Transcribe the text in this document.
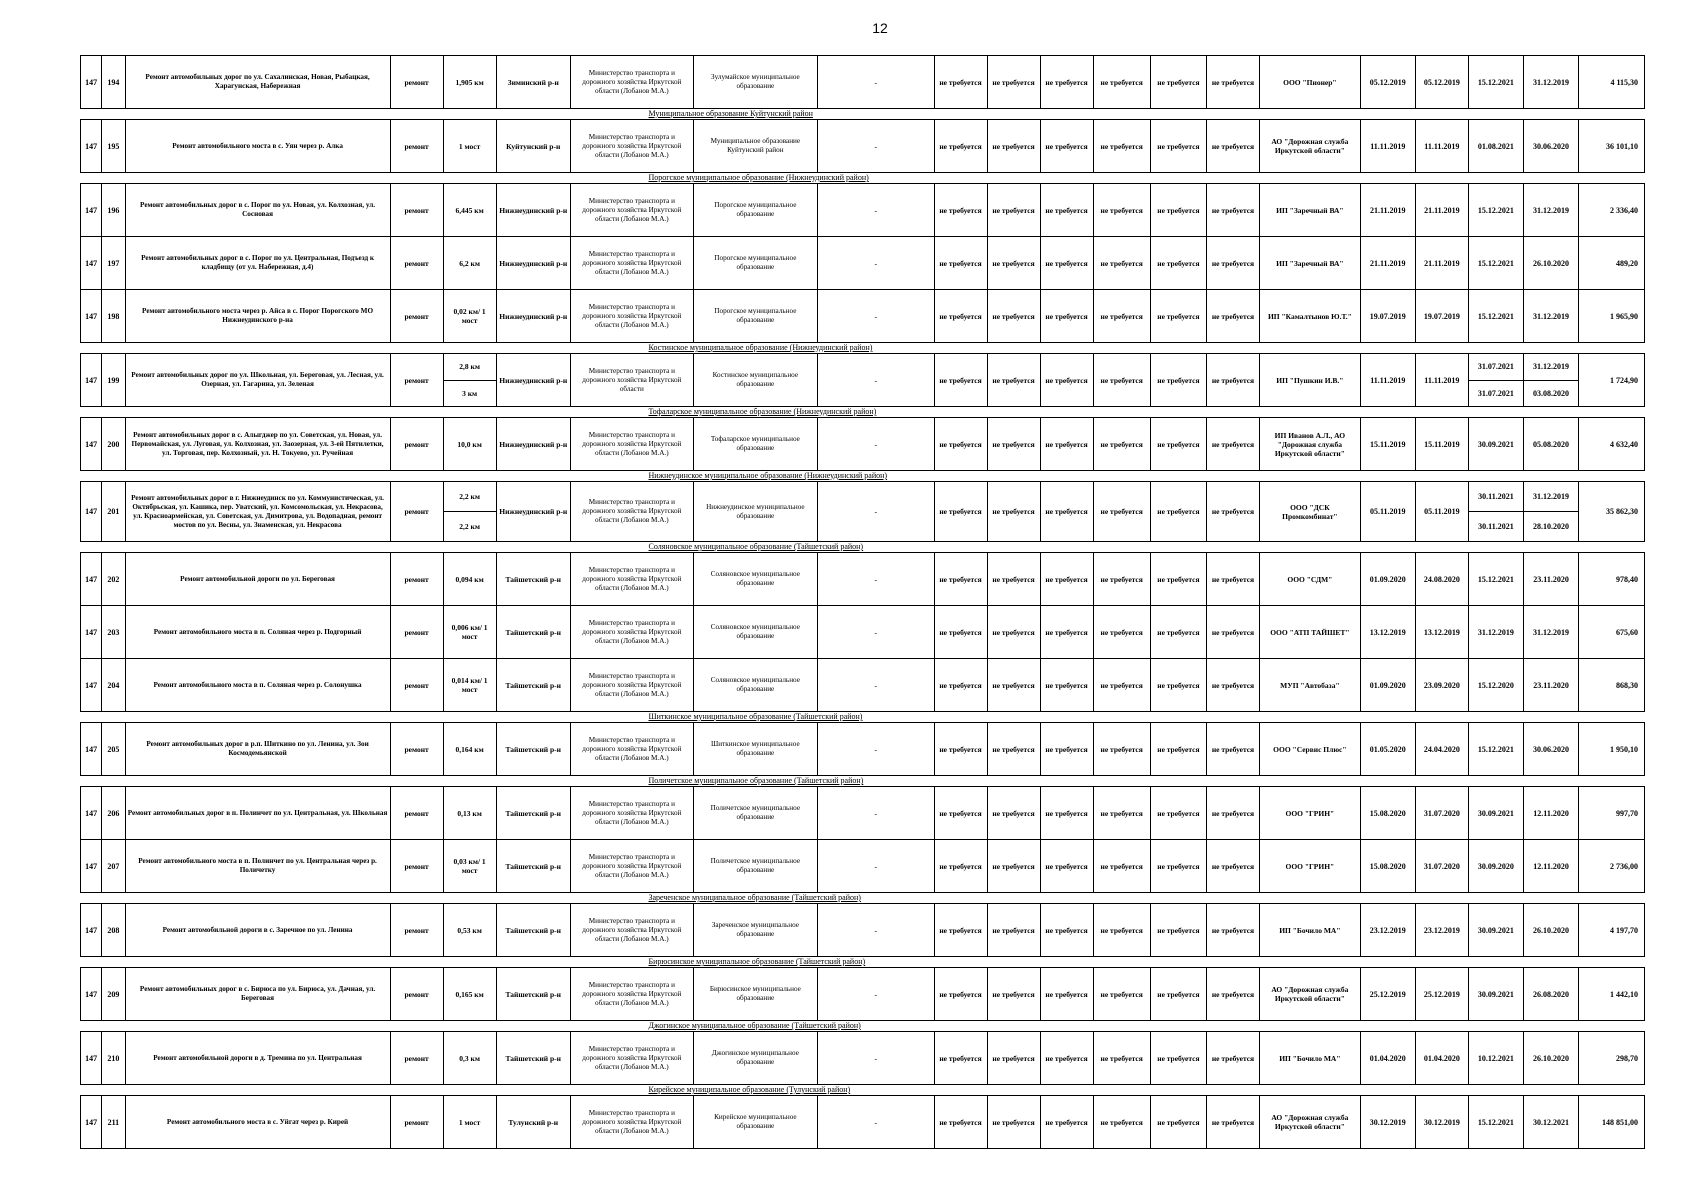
12
147	194	Ремонт автомобильных дорог по ул. Сахалинская, Новая, Рыбацкая, Харагунская, Набережная	ремонт	1,905 км	Зиминский р-н	Министерство транспорта и дорожного хозяйства Иркутской области (Лобанов М.А.)	Зулумайское муниципальное образование	-	не требуется	не требуется	не требуется	не требуется	не требуется	не требуется	ООО "Пионер"	05.12.2019	05.12.2019	15.12.2021	31.12.2019	4 115,30
Муниципальное образование Куйтунский район																				
147	195	Ремонт автомобильного моста в с. Уян через р. Алка	ремонт	1 мост	Куйтунский р-н	Министерство транспорта и дорожного хозяйства Иркутской области (Лобанов М.А.)	Муниципальное образование Куйтунский район	-	не требуется	не требуется	не требуется	не требуется	не требуется	не требуется	АО "Дорожная служба Иркутской области"	11.11.2019	11.11.2019	01.08.2021	30.06.2020	36 101,10
Порогское муниципальное образование (Нижнеудинский район)																				
147	196	Ремонт автомобильных дорог в с. Порог по ул. Новая, ул. Колхозная, ул. Сосновая	ремонт	6,445 км	Нижнеудинский р-н	Министерство транспорта и дорожного хозяйства Иркутской области (Лобанов М.А.)	Порогское муниципальное образование	-	не требуется	не требуется	не требуется	не требуется	не требуется	не требуется	ИП "Заречный ВА"	21.11.2019	21.11.2019	15.12.2021	31.12.2019	2 336,40
147	197	Ремонт автомобильных дорог в с. Порог по ул. Центральная, Подъезд к кладбищу (от ул. Набережная, д.4)	ремонт	6,2 км	Нижнеудинский р-н	Министерство транспорта и дорожного хозяйства Иркутской области (Лобанов М.А.)	Порогское муниципальное образование	-	не требуется	не требуется	не требуется	не требуется	не требуется	не требуется	ИП "Заречный ВА"	21.11.2019	21.11.2019	15.12.2021	26.10.2020	489,20
147	198	Ремонт автомобильного моста через р. Айса в с. Порог Порогского МО Нижнеудинского р-на	ремонт	0,02 км/ 1 мост	Нижнеудинский р-н	Министерство транспорта и дорожного хозяйства Иркутской области (Лобанов М.А.)	Порогское муниципальное образование	-	не требуется	не требуется	не требуется	не требуется	не требуется	не требуется	ИП "Камалтынов Ю.Т."	19.07.2019	19.07.2019	15.12.2021	31.12.2019	1 965,90
Костинское муниципальное образование (Нижнеудинский район)																				
147	199	Ремонт автомобильных дорог по ул. Школьная, ул. Береговая, ул. Лесная, ул. Озерная, ул. Гагарина, ул. Зеленая	ремонт	2,8 км	Нижнеудинский р-н	Министерство транспорта и дорожного хозяйства Иркутской области	Костинское муниципальное образование	-	не требуется	не требуется	не требуется	не требуется	не требуется	не требуется	ИП "Пушкин И.В."	11.11.2019	11.11.2019	31.07.2021	31.12.2019	1 724,90
				3 км														31.07.2021	03.08.2020	
Тофаларское муниципальное образование (Нижнеудинский район)																				
147	200	Ремонт автомобильных дорог в с. Алыгджер по ул. Советская, ул. Новая, ул. Первомайская, ул. Луговая, ул. Колхозная, ул. Заозерная, ул. 3-ей Пятилетки, ул. Торговая, пер. Колхозный, ул. Н. Токуево, ул. Ручейная	ремонт	10,0 км	Нижнеудинский р-н	Министерство транспорта и дорожного хозяйства Иркутской области (Лобанов М.А.)	Тофаларское муниципальное образование	-	не требуется	не требуется	не требуется	не требуется	не требуется	не требуется	ИП Иванов А.Л., АО "Дорожная служба Иркутской области"	15.11.2019	15.11.2019	30.09.2021	05.08.2020	4 632,40
Нижнеудинское муниципальное образование (Нижнеудинский район)																				
147	201	Ремонт автомобильных дорог в г. Нижнеудинск по ул. Коммунистическая, ул. Октябрьская, ул. Кашика, пер. Уватский, ул. Комсомольская, ул. Некрасова, ул. Красноармейская, ул. Советская, ул. Димитрова, ул. Водопадная, ремонт мостов по ул. Весны, ул. Знаменская, ул. Некрасова	ремонт	2,2 км	Нижнеудинский р-н	Министерство транспорта и дорожного хозяйства Иркутской области (Лобанов М.А.)	Нижнеудинское муниципальное образование	-	не требуется	не требуется	не требуется	не требуется	не требуется	не требуется	ООО "ДСК Промкомбинат"	05.11.2019	05.11.2019	30.11.2021	31.12.2019	35 862,30
				2,2 км														30.11.2021	28.10.2020	
Соляновское муниципальное образование (Тайшетский район)																				
147	202	Ремонт автомобильной дороги по ул. Береговая	ремонт	0,094 км	Тайшетский р-н	Министерство транспорта и дорожного хозяйства Иркутской области (Лобанов М.А.)	Соляновское муниципальное образование	-	не требуется	не требуется	не требуется	не требуется	не требуется	не требуется	ООО "СДМ"	01.09.2020	24.08.2020	15.12.2021	23.11.2020	978,40
147	203	Ремонт автомобильного моста в п. Соляная через р. Подгорный	ремонт	0,006 км/ 1 мост	Тайшетский р-н	Министерство транспорта и дорожного хозяйства Иркутской области (Лобанов М.А.)	Соляновское муниципальное образование	-	не требуется	не требуется	не требуется	не требуется	не требуется	не требуется	ООО "АТП ТАЙШЕТ"	13.12.2019	13.12.2019	31.12.2019	31.12.2019	675,60
147	204	Ремонт автомобильного моста в п. Соляная через р. Солонушка	ремонт	0,014 км/ 1 мост	Тайшетский р-н	Министерство транспорта и дорожного хозяйства Иркутской области (Лобанов М.А.)	Соляновское муниципальное образование	-	не требуется	не требуется	не требуется	не требуется	не требуется	не требуется	МУП "Автобаза"	01.09.2020	23.09.2020	15.12.2020	23.11.2020	868,30
Шиткинское муниципальное образование (Тайшетский район)																				
147	205	Ремонт автомобильных дорог в р.п. Шиткино по ул. Ленина, ул. Зои Космодемьянской	ремонт	0,164 км	Тайшетский р-н	Министерство транспорта и дорожного хозяйства Иркутской области (Лобанов М.А.)	Шиткинское муниципальное образование	-	не требуется	не требуется	не требуется	не требуется	не требуется	не требуется	ООО "Сервис Плюс"	01.05.2020	24.04.2020	15.12.2021	30.06.2020	1 950,10
Поличетское муниципальное образование (Тайшетский район)																				
147	206	Ремонт автомобильных дорог в п. Полинчет по ул. Центральная, ул. Школьная	ремонт	0,13 км	Тайшетский р-н	Министерство транспорта и дорожного хозяйства Иркутской области (Лобанов М.А.)	Поличетское муниципальное образование	-	не требуется	не требуется	не требуется	не требуется	не требуется	не требуется	ООО "ГРИН"	15.08.2020	31.07.2020	30.09.2021	12.11.2020	997,70
147	207	Ремонт автомобильного моста в п. Полинчет по ул. Центральная через р. Поличетку	ремонт	0,03 км/ 1 мост	Тайшетский р-н	Министерство транспорта и дорожного хозяйства Иркутской области (Лобанов М.А.)	Поличетское муниципальное образование	-	не требуется	не требуется	не требуется	не требуется	не требуется	не требуется	ООО "ГРИН"	15.08.2020	31.07.2020	30.09.2020	12.11.2020	2 736,00
Зареченское муниципальное образование (Тайшетский район)																				
147	208	Ремонт автомобильной дороги в с. Заречное по ул. Ленина	ремонт	0,53 км	Тайшетский р-н	Министерство транспорта и дорожного хозяйства Иркутской области (Лобанов М.А.)	Зареченское муниципальное образование	-	не требуется	не требуется	не требуется	не требуется	не требуется	не требуется	ИП "Бочило МА"	23.12.2019	23.12.2019	30.09.2021	26.10.2020	4 197,70
Бирюсинское муниципальное образование (Тайшетский район)																				
147	209	Ремонт автомобильных дорог в с. Бирюса по ул. Бирюса, ул. Дачная, ул. Береговая	ремонт	0,165 км	Тайшетский р-н	Министерство транспорта и дорожного хозяйства Иркутской области (Лобанов М.А.)	Бирюсинское муниципальное образование	-	не требуется	не требуется	не требуется	не требуется	не требуется	не требуется	АО "Дорожная служба Иркутской области"	25.12.2019	25.12.2019	30.09.2021	26.08.2020	1 442,10
Джогинское муниципальное образование (Тайшетский район)																				
147	210	Ремонт автомобильной дороги в д. Тремина по ул. Центральная	ремонт	0,3 км	Тайшетский р-н	Министерство транспорта и дорожного хозяйства Иркутской области (Лобанов М.А.)	Джогинское муниципальное образование	-	не требуется	не требуется	не требуется	не требуется	не требуется	не требуется	ИП "Бочило МА"	01.04.2020	01.04.2020	10.12.2021	26.10.2020	298,70
Кирейское муниципальное образование (Тулунский район)																				
147	211	Ремонт автомобильного моста в с. Уйгат через р. Кирей	ремонт	1 мост	Тулунский р-н	Министерство транспорта и дорожного хозяйства Иркутской области (Лобанов М.А.)	Кирейское муниципальное образование	-	не требуется	не требуется	не требуется	не требуется	не требуется	не требуется	АО "Дорожная служба Иркутской области"	30.12.2019	30.12.2019	15.12.2021	30.12.2021	148 851,00
